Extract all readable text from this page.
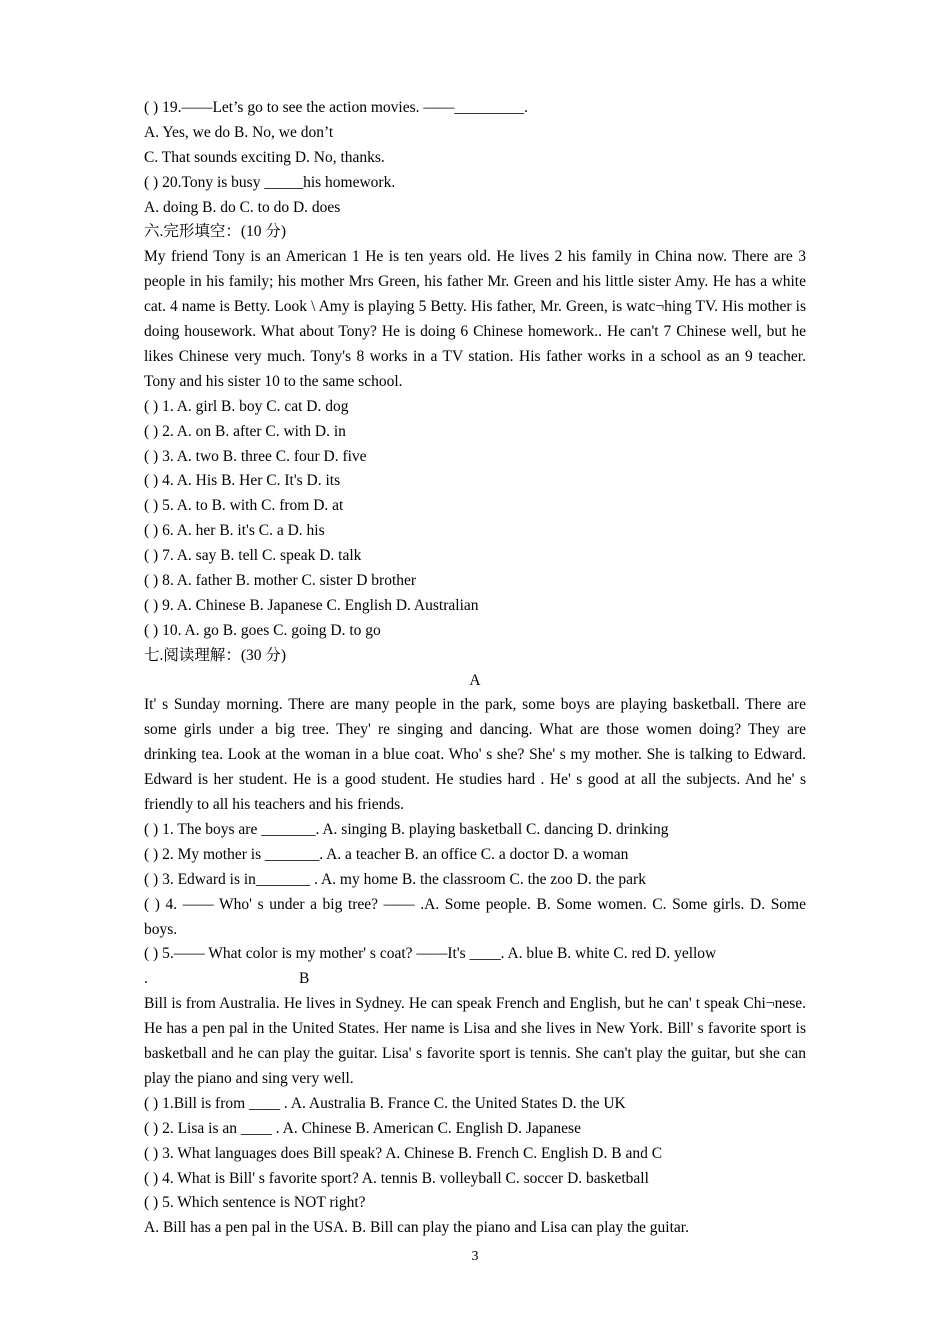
( ) 19.——Let’s go to see the action movies. ——_________.
A. Yes, we do B. No, we don’t
C. That sounds exciting D. No, thanks.
( ) 20.Tony is busy _____his homework.
A. doing B. do C. to do D. does
六.完形填空：(10 分)
My friend Tony is an American 1 He is ten years old. He lives 2 his family in China now. There are 3 people in his family; his mother Mrs Green, his father Mr. Green and his little sister Amy. He has a white cat. 4 name is Betty. Look \ Amy is playing 5 Betty. His father, Mr. Green, is watc¬hing TV. His mother is doing housework. What about Tony? He is doing 6 Chinese homework.. He can't 7 Chinese well, but he likes Chinese very much. Tony's 8 works in a TV station. His father works in a school as an 9 teacher. Tony and his sister 10 to the same school.
( ) 1. A. girl B. boy C. cat D. dog
( ) 2. A. on B. after C. with D. in
( ) 3. A. two B. three C. four D. five
( ) 4. A. His B. Her C. It's D. its
( ) 5. A. to B. with C. from D. at
( ) 6. A. her B. it's C. a D. his
( ) 7. A. say B. tell C. speak D. talk
( ) 8. A. father B. mother C. sister D brother
( ) 9. A. Chinese B. Japanese C. English D. Australian
( ) 10. A. go B. goes C. going D. to go
七.阅读理解：(30 分)
A
It' s Sunday morning. There are many people in the park, some boys are playing basketball. There are some girls under a big tree. They' re singing and dancing. What are those women doing? They are drinking tea. Look at the woman in a blue coat. Who' s she? She' s my mother. She is talking to Edward. Edward is her student. He is a good student. He studies hard . He' s good at all the subjects. And he' s friendly to all his teachers and his friends.
( ) 1. The boys are _______. A. singing B. playing basketball C. dancing D. drinking
( ) 2. My mother is _______. A. a teacher B. an office C. a doctor D. a woman
( ) 3. Edward is in_______ . A. my home B. the classroom C. the zoo D. the park
( ) 4. —— Who' s under a big tree? —— .A. Some people. B. Some women. C. Some girls. D. Some boys.
( ) 5.—— What color is my mother' s coat? ——It's ____. A. blue B. white C. red D. yellow
.	B
Bill is from Australia. He lives in Sydney. He can speak French and English, but he can' t speak Chi¬nese. He has a pen pal in the United States. Her name is Lisa and she lives in New York. Bill' s favorite sport is basketball and he can play the guitar. Lisa' s favorite sport is tennis. She can't play the guitar, but she can play the piano and sing very well.
( ) 1.Bill is from ____ . A. Australia B. France C. the United States D. the UK
( ) 2. Lisa is an ____ . A. Chinese B. American C. English D. Japanese
( ) 3. What languages does Bill speak? A. Chinese B. French C. English D. B and C
( ) 4. What is Bill' s favorite sport? A. tennis B. volleyball C. soccer D. basketball
( ) 5. Which sentence is NOT right?
A. Bill has a pen pal in the USA. B. Bill can play the piano and Lisa can play the guitar.
3
